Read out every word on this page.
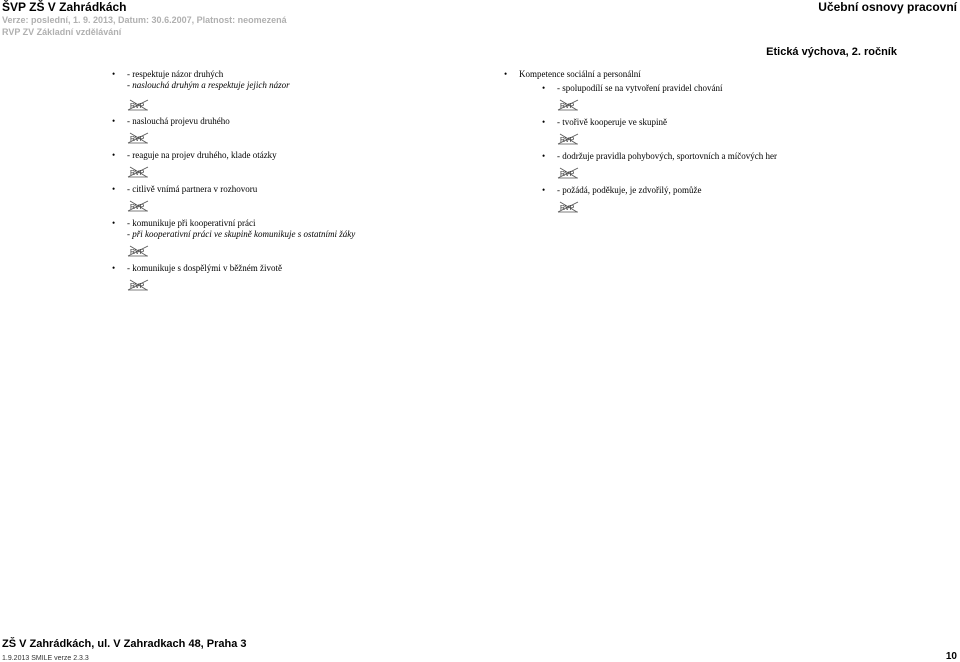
ŠVP ZŠ V Zahrádkách	Učební osnovy pracovní
Verze: poslední, 1. 9. 2013, Datum: 30.6.2007, Platnost: neomezená
RVP ZV Základní vzdělávání
Etická výchova, 2. ročník
• - respektuje názor druhých
- naslouchá druhým a respektuje jejich názor
RVP
• - naslouchá projevu druhého
RVP
• - reaguje na projev druhého, klade otázky
RVP
• - citlivě vnímá partnera v rozhovoru
RVP
• - komunikuje při kooperativní práci
- při kooperativní práci ve skupině komunikuje s ostatními žáky
RVP
• - komunikuje s dospělými v běžném životě
RVP
• Kompetence sociální a personální
• - spolupodílí se na vytvoření pravidel chování
RVP
• - tvořivě kooperuje ve skupině
RVP
• - dodržuje pravidla pohybových, sportovních a míčových her
RVP
• - požádá, poděkuje, je zdvořilý, pomůže
RVP
ZŠ V Zahrádkách, ul. V Zahradkach 48, Praha 3
1.9.2013 SMILE verze 2.3.3	10
